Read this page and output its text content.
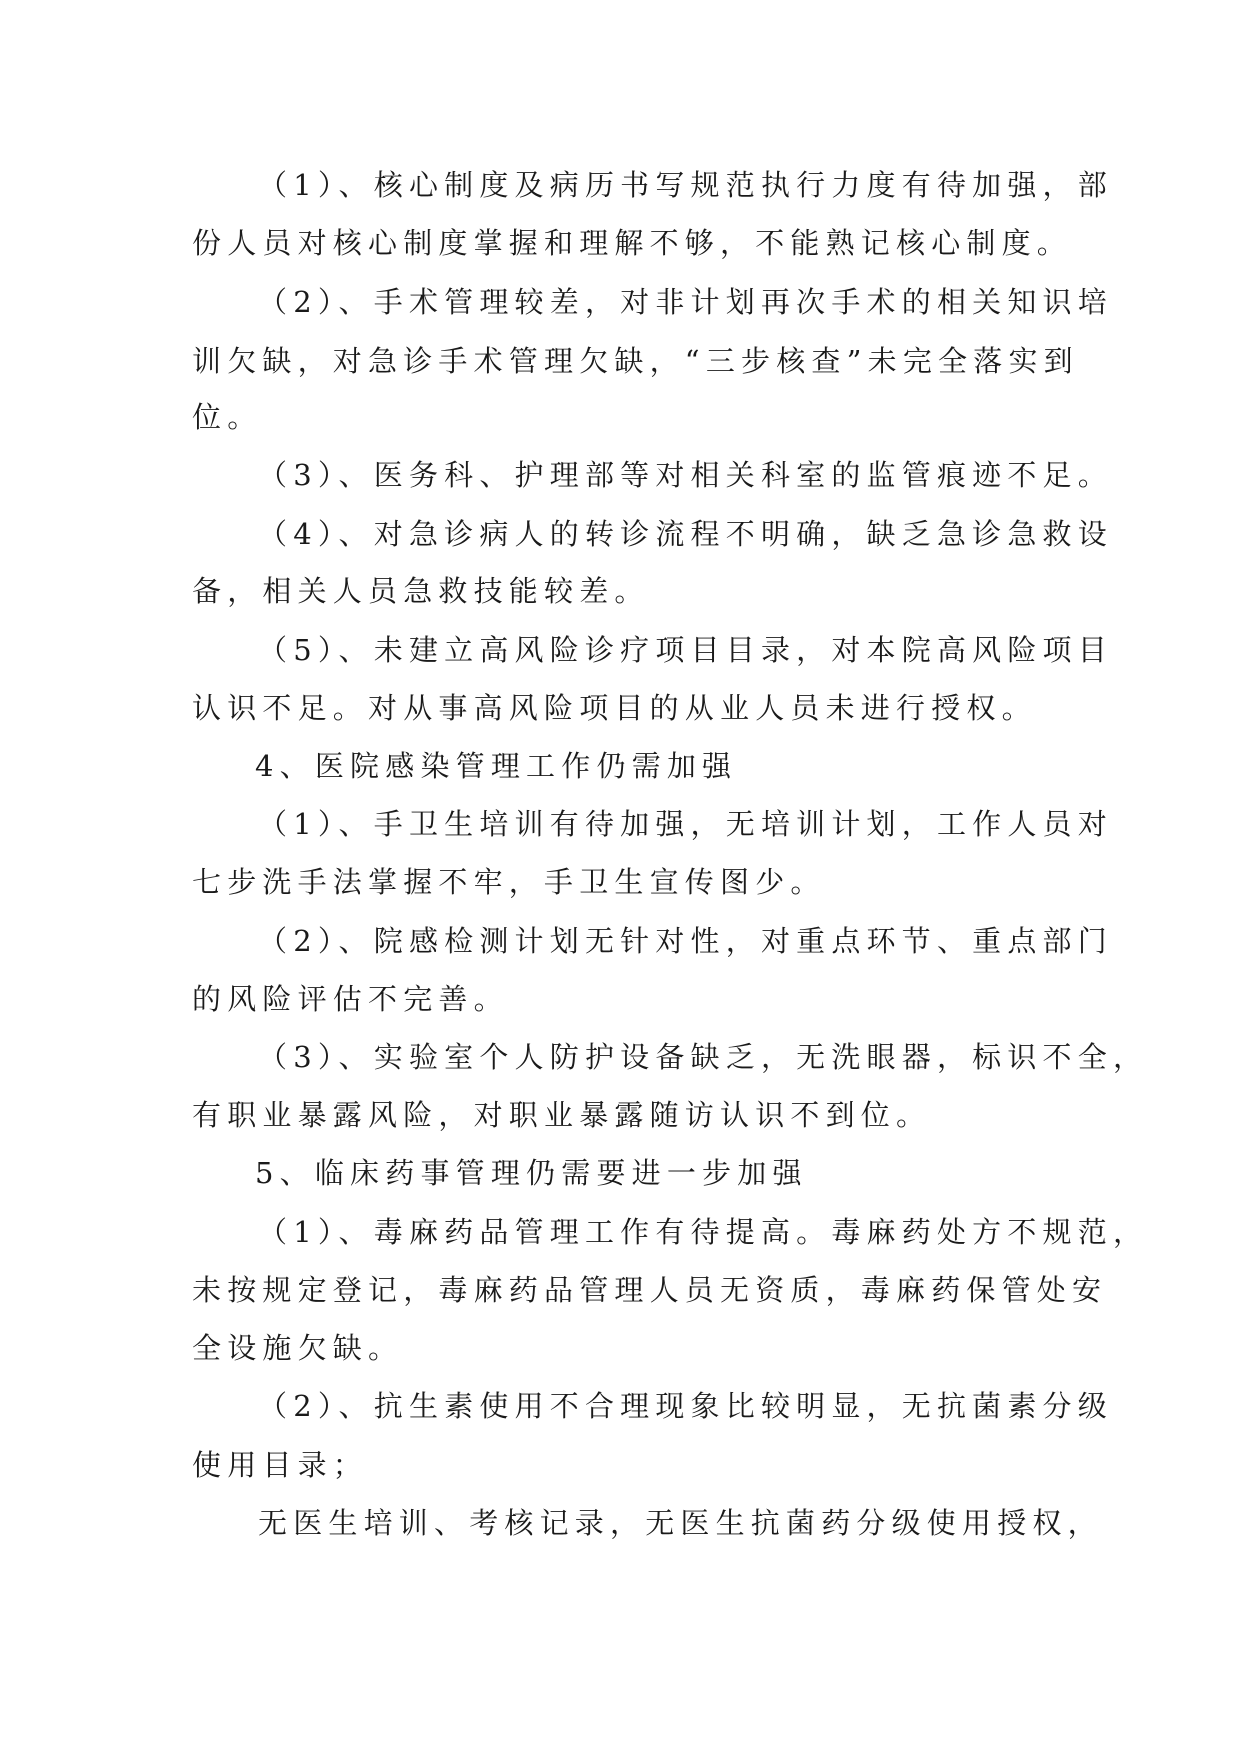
（1）、核心制度及病历书写规范执行力度有待加强，部
份人员对核心制度掌握和理解不够，不能熟记核心制度。
（2）、手术管理较差，对非计划再次手术的相关知识培
训欠缺，对急诊手术管理欠缺，“三步核查”未完全落实到
位。
（3）、医务科、护理部等对相关科室的监管痕迹不足。
（4）、对急诊病人的转诊流程不明确，缺乏急诊急救设
备，相关人员急救技能较差。
（5）、未建立高风险诊疗项目目录，对本院高风险项目
认识不足。对从事高风险项目的从业人员未进行授权。
4、医院感染管理工作仍需加强
（1）、手卫生培训有待加强，无培训计划，工作人员对
七步洗手法掌握不牢，手卫生宣传图少。
（2）、院感检测计划无针对性，对重点环节、重点部门
的风险评估不完善。
（3）、实验室个人防护设备缺乏，无洗眼器，标识不全，
有职业暴露风险，对职业暴露随访认识不到位。
5、临床药事管理仍需要进一步加强
（1）、毒麻药品管理工作有待提高。毒麻药处方不规范，
未按规定登记，毒麻药品管理人员无资质，毒麻药保管处安
全设施欠缺。
（2）、抗生素使用不合理现象比较明显，无抗菌素分级
使用目录；
无医生培训、考核记录，无医生抗菌药分级使用授权，
